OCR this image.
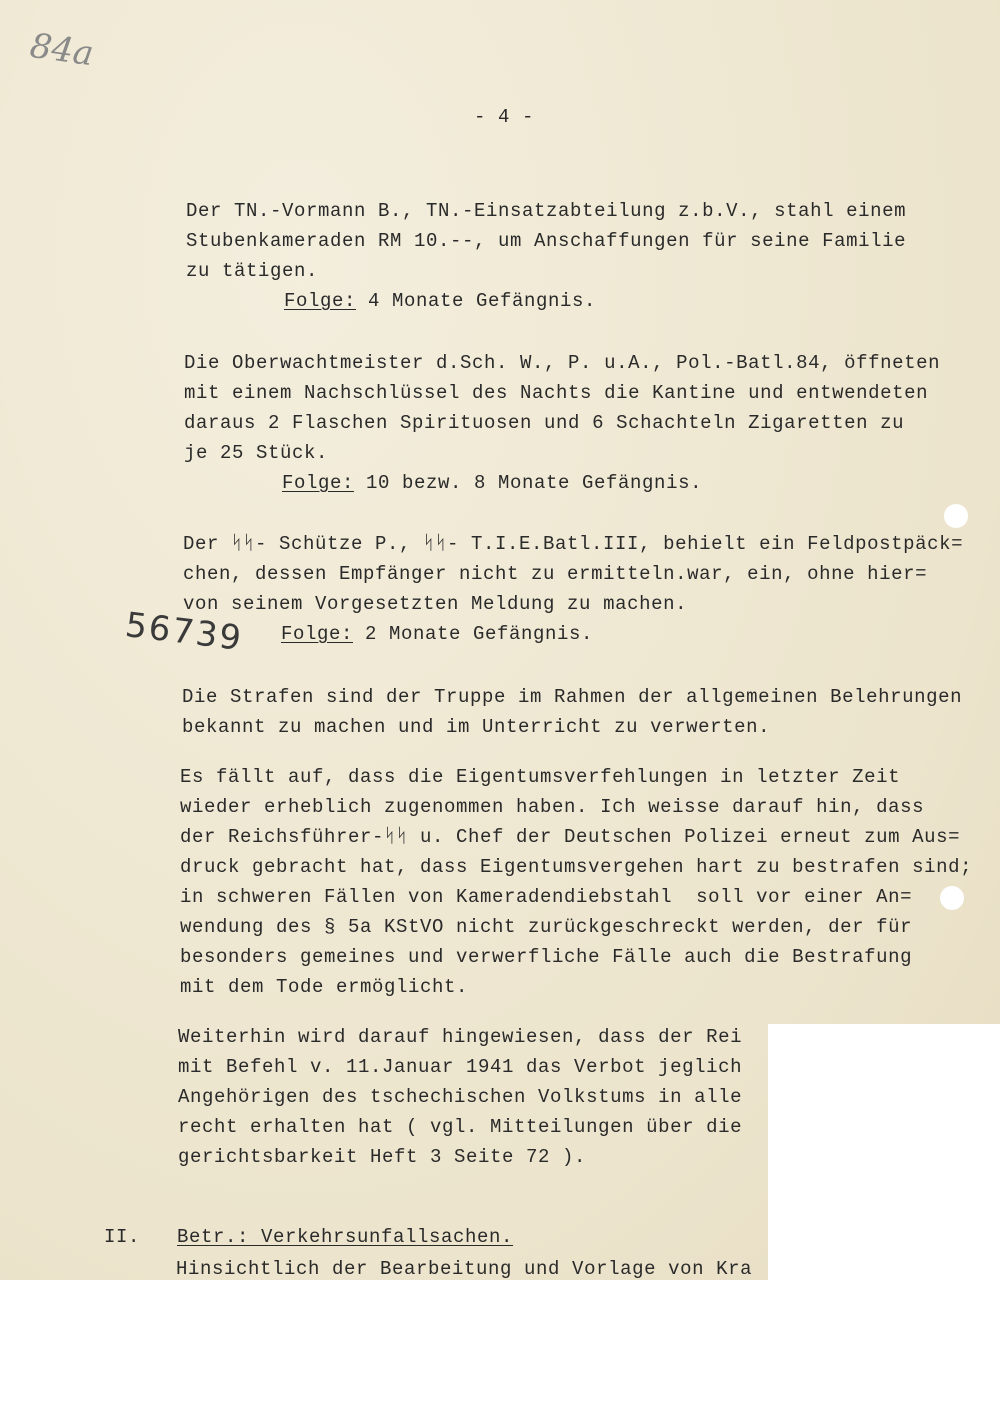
84a
56739
- 4 -
Der TN.-Vormann B., TN.-Einsatzabteilung z.b.V., stahl einem
Stubenkameraden RM 10.--, um Anschaffungen für seine Familie
zu tätigen.
Folge: 4 Monate Gefängnis.
Die Oberwachtmeister d.Sch. W., P. u.A., Pol.-Batl.84, öffneten
mit einem Nachschlüssel des Nachts die Kantine und entwendeten
daraus 2 Flaschen Spirituosen und 6 Schachteln Zigaretten zu
je 25 Stück.
Folge: 10 bezw. 8 Monate Gefängnis.
Der ᛋᛋ- Schütze P., ᛋᛋ- T.I.E.Batl.III, behielt ein Feldpostpäck=
chen, dessen Empfänger nicht zu ermitteln.war, ein, ohne hier=
von seinem Vorgesetzten Meldung zu machen.
Folge: 2 Monate Gefängnis.
Die Strafen sind der Truppe im Rahmen der allgemeinen Belehrungen
bekannt zu machen und im Unterricht zu verwerten.
Es fällt auf, dass die Eigentumsverfehlungen in letzter Zeit
wieder erheblich zugenommen haben. Ich weisse darauf hin, dass
der Reichsführer-ᛋᛋ u. Chef der Deutschen Polizei erneut zum Aus=
druck gebracht hat, dass Eigentumsvergehen hart zu bestrafen sind;
in schweren Fällen von Kameradendiebstahl  soll vor einer An=
wendung des § 5a KStVO nicht zurückgeschreckt werden, der für
besonders gemeines und verwerfliche Fälle auch die Bestrafung
mit dem Tode ermöglicht.
Weiterhin wird darauf hingewiesen, dass der Rei
mit Befehl v. 11.Januar 1941 das Verbot jeglich
Angehörigen des tschechischen Volkstums in alle
recht erhalten hat ( vgl. Mitteilungen über die
gerichtsbarkeit Heft 3 Seite 72 ).
II. Betr.: Verkehrsunfallsachen.
Hinsichtlich der Bearbeitung und Vorlage von Kra
